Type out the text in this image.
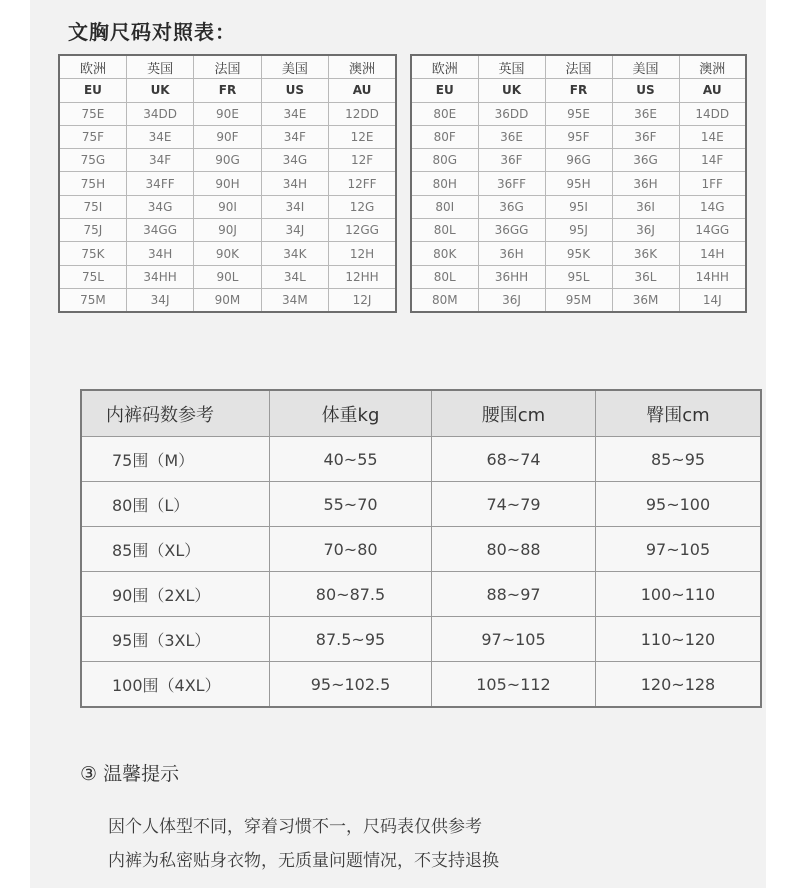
文胸尺码对照表：
欧洲	英国	法国	美国	澳洲
EU	UK	FR	US	AU
75E	34DD	90E	34E	12DD
75F	34E	90F	34F	12E
75G	34F	90G	34G	12F
75H	34FF	90H	34H	12FF
75I	34G	90I	34I	12G
75J	34GG	90J	34J	12GG
75K	34H	90K	34K	12H
75L	34HH	90L	34L	12HH
75M	34J	90M	34M	12J
欧洲	英国	法国	美国	澳洲
EU	UK	FR	US	AU
80E	36DD	95E	36E	14DD
80F	36E	95F	36F	14E
80G	36F	96G	36G	14F
80H	36FF	95H	36H	1FF
80I	36G	95I	36I	14G
80L	36GG	95J	36J	14GG
80K	36H	95K	36K	14H
80L	36HH	95L	36L	14HH
80M	36J	95M	36M	14J
内裤码数参考	体重kg	腰围cm	臀围cm
75围（M）	40~55	68~74	85~95
80围（L）	55~70	74~79	95~100
85围（XL）	70~80	80~88	97~105
90围（2XL）	80~87.5	88~97	100~110
95围（3XL）	87.5~95	97~105	110~120
100围（4XL）	95~102.5	105~112	120~128
③ 温馨提示
因个人体型不同，穿着习惯不一，尺码表仅供参考
内裤为私密贴身衣物，无质量问题情况，不支持退换
